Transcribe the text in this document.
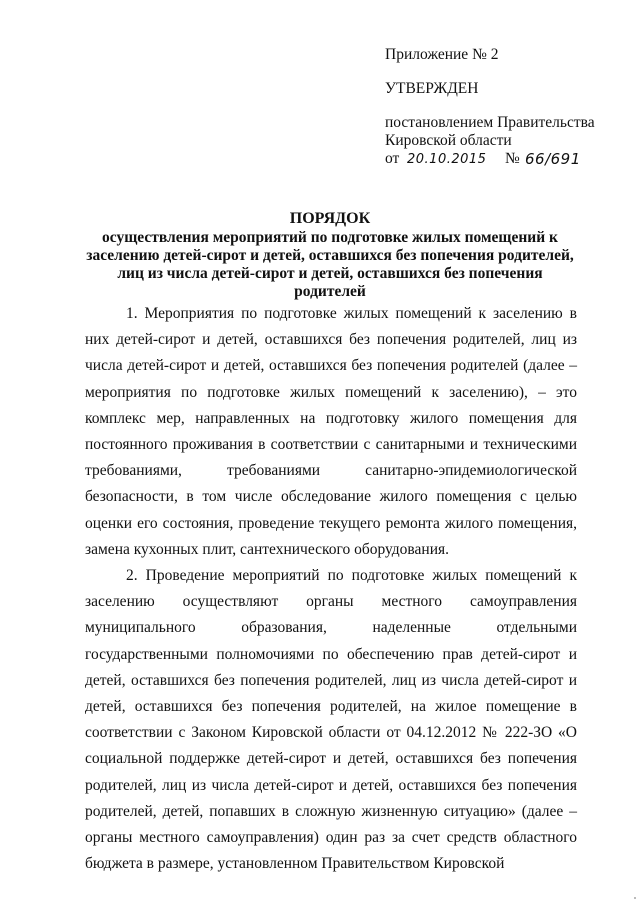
Приложение № 2
УТВЕРЖДЕН
постановлением Правительства
Кировской области
от 20.10.2015 № 66/691
ПОРЯДОК
осуществления мероприятий по подготовке жилых помещений к
заселению детей-сирот и детей, оставшихся без попечения родителей,
лиц из числа детей-сирот и детей, оставшихся без попечения родителей

1. Мероприятия по подготовке жилых помещений к заселению в них детей-сирот и детей, оставшихся без попечения родителей, лиц из числа детей-сирот и детей, оставшихся без попечения родителей (далее – мероприятия по подготовке жилых помещений к заселению), – это комплекс мер, направленных на подготовку жилого помещения для постоянного проживания в соответствии с санитарными и техническими требованиями, требованиями санитарно-эпидемиологической безопасности, в том числе обследование жилого помещения с целью оценки его состояния, проведение текущего ремонта жилого помещения, замена кухонных плит, сантехнического оборудования.

2. Проведение мероприятий по подготовке жилых помещений к заселению осуществляют органы местного самоуправления муниципального образования, наделенные отдельными государственными полномочиями по обеспечению прав детей-сирот и детей, оставшихся без попечения родителей, лиц из числа детей-сирот и детей, оставшихся без попечения родителей, на жилое помещение в соответствии с Законом Кировской области от 04.12.2012 № 222-ЗО «О социальной поддержке детей-сирот и детей, оставшихся без попечения родителей, лиц из числа детей-сирот и детей, оставшихся без попечения родителей, детей, попавших в сложную жизненную ситуацию» (далее – органы местного самоуправления) один раз за счет средств областного бюджета в размере, установленном Правительством Кировской
